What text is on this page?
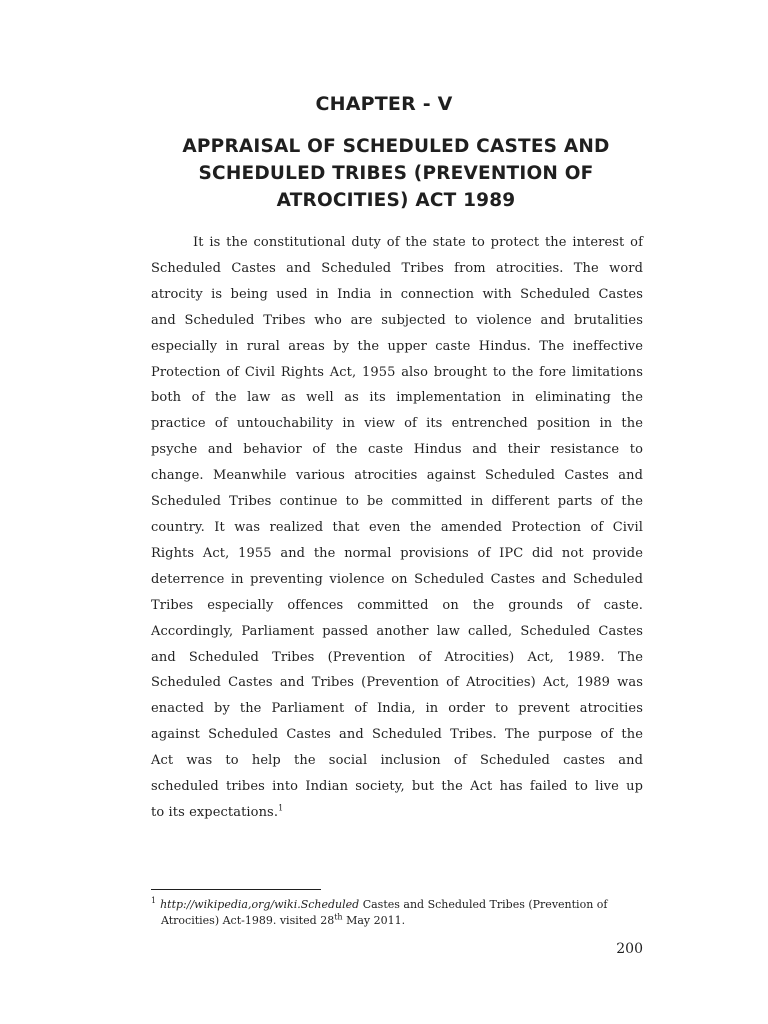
CHAPTER - V
APPRAISAL OF SCHEDULED CASTES AND
SCHEDULED TRIBES (PREVENTION OF
ATROCITIES) ACT 1989
It is the constitutional duty of the state to protect the interest of
Scheduled Castes and Scheduled Tribes from atrocities. The word
atrocity is being used in India in connection with Scheduled Castes
and Scheduled Tribes who are subjected to violence and brutalities
especially in rural areas by the upper caste Hindus. The ineffective
Protection of Civil Rights Act, 1955 also brought to the fore limitations
both of the law as well as its implementation in eliminating the
practice of untouchability in view of its entrenched position in the
psyche and behavior of the caste Hindus and their resistance to
change. Meanwhile various atrocities against Scheduled Castes and
Scheduled Tribes continue to be committed in different parts of the
country. It was realized that even the amended Protection of Civil
Rights Act, 1955 and the normal provisions of IPC did not provide
deterrence in preventing violence on Scheduled Castes and Scheduled
Tribes especially offences committed on the grounds of caste.
Accordingly, Parliament passed another law called, Scheduled Castes
and Scheduled Tribes (Prevention of Atrocities) Act, 1989. The
Scheduled Castes and Tribes (Prevention of Atrocities) Act, 1989 was
enacted by the Parliament of India, in order to prevent atrocities
against Scheduled Castes and Scheduled Tribes. The purpose of the
Act was to help the social inclusion of Scheduled castes and
scheduled tribes into Indian society, but the Act has failed to live up
to its expectations.$^1$
$^1$ http://wikipedia,org/wiki.Scheduled Castes and Scheduled Tribes (Prevention of
Atrocities) Act-1989. visited 28th May 2011.
200
